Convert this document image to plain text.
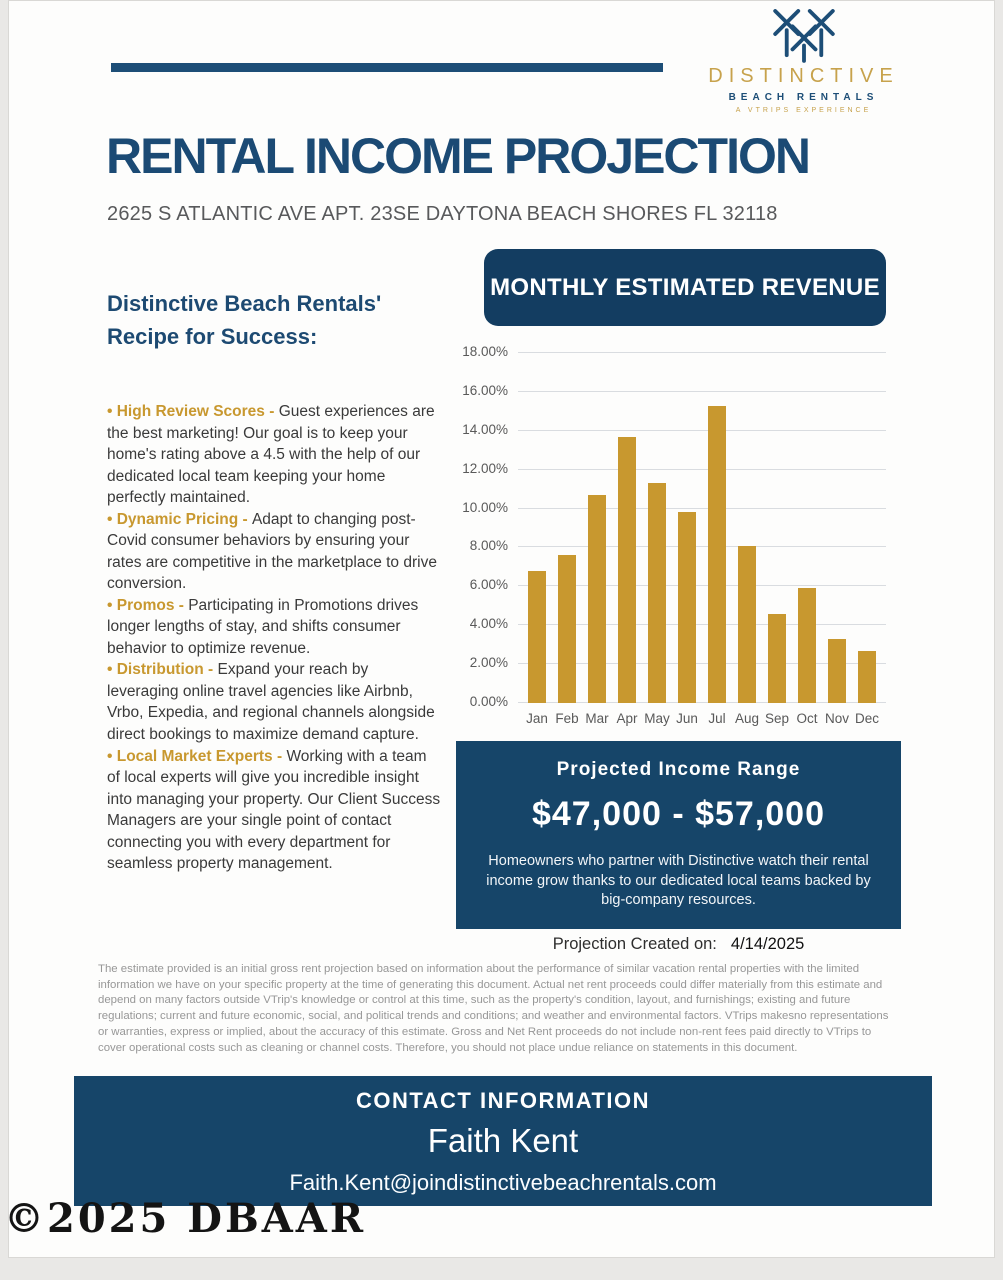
DISTINCTIVE
BEACH RENTALS
A VTRIPS EXPERIENCE
RENTAL INCOME PROJECTION
2625 S ATLANTIC AVE APT. 23SE DAYTONA BEACH SHORES FL 32118
Distinctive Beach Rentals' Recipe for Success:
• High Review Scores - Guest experiences are the best marketing! Our goal is to keep your home's rating above a 4.5 with the help of our dedicated local team keeping your home perfectly maintained.
• Dynamic Pricing - Adapt to changing post-Covid consumer behaviors by ensuring your rates are competitive in the marketplace to drive conversion.
• Promos - Participating in Promotions drives longer lengths of stay, and shifts consumer behavior to optimize revenue.
• Distribution - Expand your reach by leveraging online travel agencies like Airbnb, Vrbo, Expedia, and regional channels alongside direct bookings to maximize demand capture.
• Local Market Experts - Working with a team of local experts will give you incredible insight into managing your property. Our Client Success Managers are your single point of contact connecting you with every department for seamless property management.
MONTHLY ESTIMATED REVENUE
18.00%
16.00%
14.00%
12.00%
10.00%
8.00%
6.00%
4.00%
2.00%
0.00%
Jan Feb Mar Apr May Jun Jul Aug Sep Oct Nov Dec
Projected Income Range
$47,000 - $57,000
Homeowners who partner with Distinctive watch their rental income grow thanks to our dedicated local teams backed by big-company resources.
Projection Created on: 4/14/2025

The estimate provided is an initial gross rent projection based on information about the performance of similar vacation rental properties with the limited information we have on your specific property at the time of generating this document. Actual net rent proceeds could differ materially from this estimate and depend on many factors outside VTrip's knowledge or control at this time, such as the property's condition, layout, and furnishings; existing and future regulations; current and future economic, social, and political trends and conditions; and weather and environmental factors. VTrips makesno representations or warranties, express or implied, about the accuracy of this estimate. Gross and Net Rent proceeds do not include non-rent fees paid directly to VTrips to cover operational costs such as cleaning or channel costs. Therefore, you should not place undue reliance on statements in this document.

CONTACT INFORMATION
Faith Kent
Faith.Kent@joindistinctivebeachrentals.com
©2025 DBAAR
